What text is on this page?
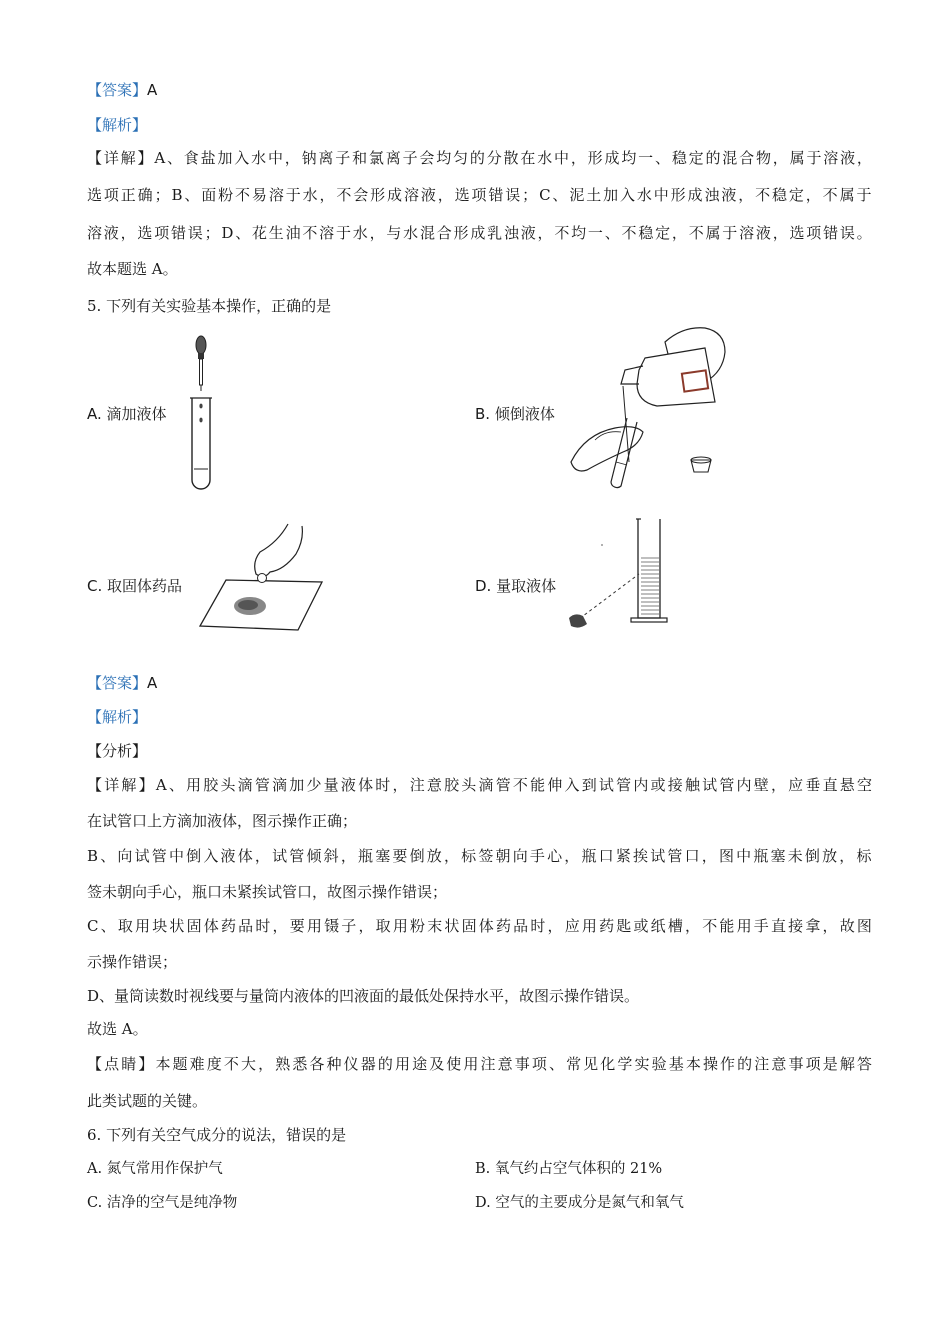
【答案】A
【解析】
【 详 解 】 A 、 食 盐 加 入 水 中 ， 钠 离 子 和 氯 离 子 会 均 匀 的 分 散 在 水 中 ， 形 成 均 一 、 稳 定 的 混 合 物 ， 属 于 溶 液 ，
选 项 正 确 ； B 、 面 粉 不 易 溶 于 水 ， 不 会 形 成 溶 液 ， 选 项 错 误 ； C 、 泥 土 加 入 水 中 形 成 浊 液 ， 不 稳 定 ， 不 属 于
溶 液 ， 选 项 错 误 ； D 、 花 生 油 不 溶 于 水 ， 与 水 混 合 形 成 乳 浊 液 ， 不 均 一 、 不 稳 定 ， 不 属 于 溶 液 ， 选 项 错 误 。
故本题选 A。
5. 下列有关实验基本操作，正确的是
A. 滴加液体	B. 倾倒液体
C. 取固体药品	D. 量取液体
【答案】A
【解析】
【分析】
【 详 解 】 A 、 用 胶 头 滴 管 滴 加 少 量 液 体 时 ， 注 意 胶 头 滴 管 不 能 伸 入 到 试 管 内 或 接 触 试 管 内 壁 ， 应 垂 直 悬 空
在试管口上方滴加液体，图示操作正确；
B 、 向 试 管 中 倒 入 液 体 ， 试 管 倾 斜 ， 瓶 塞 要 倒 放 ， 标 签 朝 向 手 心 ， 瓶 口 紧 挨 试 管 口 ， 图 中 瓶 塞 未 倒 放 ， 标
签未朝向手心，瓶口未紧挨试管口，故图示操作错误；
C 、 取 用 块 状 固 体 药 品 时 ， 要 用 镊 子 ， 取 用 粉 末 状 固 体 药 品 时 ， 应 用 药 匙 或 纸 槽 ， 不 能 用 手 直 接 拿 ， 故 图
示操作错误；
D、量筒读数时视线要与量筒内液体的凹液面的最低处保持水平，故图示操作错误。
故选 A。
【 点 睛 】 本 题 难 度 不 大 ， 熟 悉 各 种 仪 器 的 用 途 及 使 用 注 意 事 项 、 常 见 化 学 实 验 基 本 操 作 的 注 意 事 项 是 解 答
此类试题的关键。
6. 下列有关空气成分的说法，错误的是
A. 氮气常用作保护气	B. 氧气约占空气体积的 21%
C. 洁净的空气是纯净物	D. 空气的主要成分是氮气和氧气
